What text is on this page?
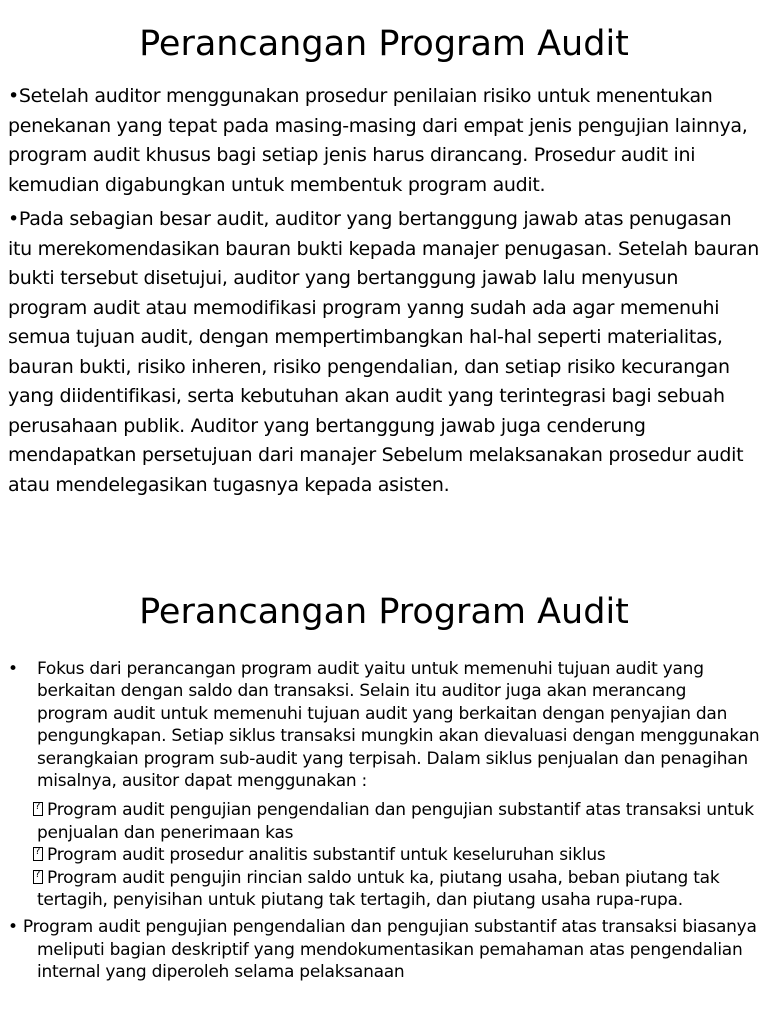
Perancangan Program Audit

•Setelah auditor menggunakan prosedur penilaian risiko untuk menentukan penekanan yang tepat pada masing-masing dari empat jenis pengujian lainnya, program audit khusus bagi setiap jenis harus dirancang. Prosedur audit ini kemudian digabungkan untuk membentuk program audit.

•Pada sebagian besar audit, auditor yang bertanggung jawab atas penugasan itu merekomendasikan bauran bukti kepada manajer penugasan. Setelah bauran bukti tersebut disetujui, auditor yang bertanggung jawab lalu menyusun program audit atau memodifikasi program yanng sudah ada agar memenuhi semua tujuan audit, dengan mempertimbangkan hal-hal seperti materialitas, bauran bukti, risiko inheren, risiko pengendalian, dan setiap risiko kecurangan yang diidentifikasi, serta kebutuhan akan audit yang terintegrasi bagi sebuah perusahaan publik. Auditor yang bertanggung jawab juga cenderung mendapatkan persetujuan dari manajer Sebelum melaksanakan prosedur audit atau mendelegasikan tugasnya kepada asisten.

Perancangan Program Audit
• Fokus dari perancangan program audit yaitu untuk memenuhi tujuan audit yang berkaitan dengan saldo dan transaksi. Selain itu auditor juga akan merancang program audit untuk memenuhi tujuan audit yang berkaitan dengan penyajian dan pengungkapan. Setiap siklus transaksi mungkin akan dievaluasi dengan menggunakan serangkaian program sub-audit yang terpisah. Dalam siklus penjualan dan penagihan misalnya, ausitor dapat menggunakan :
?Program audit pengujian pengendalian dan pengujian substantif atas transaksi untuk penjualan dan penerimaan kas
?Program audit prosedur analitis substantif untuk keseluruhan siklus
?Program audit pengujin rincian saldo untuk ka, piutang usaha, beban piutang tak tertagih, penyisihan untuk piutang tak tertagih, dan piutang usaha rupa-rupa.
• Program audit pengujian pengendalian dan pengujian substantif atas transaksi biasanya meliputi bagian deskriptif yang mendokumentasikan pemahaman atas pengendalian internal yang diperoleh selama pelaksanaan
